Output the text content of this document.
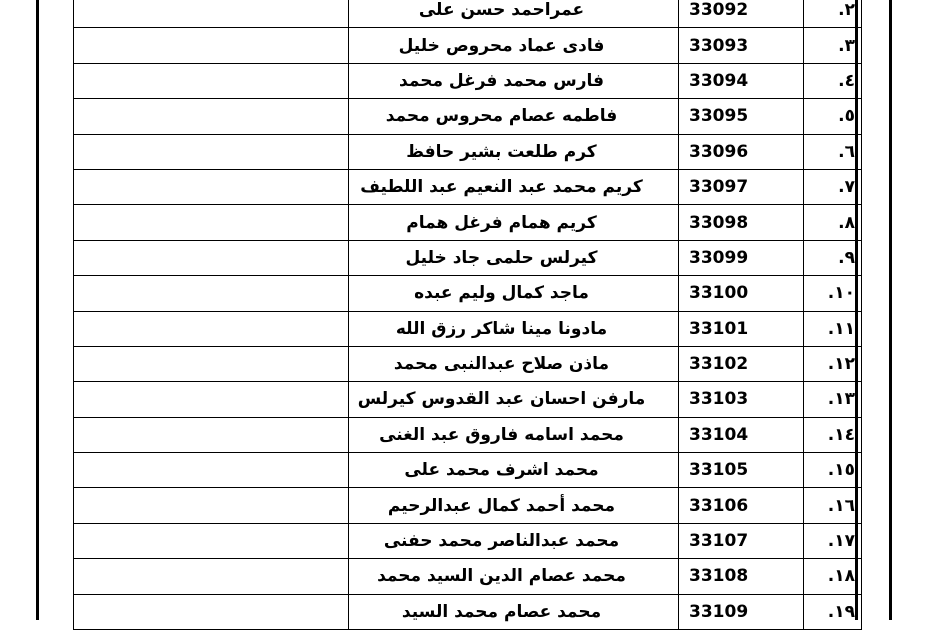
	عمراحمد حسن على	33092	.٢
	فادى عماد محروص خليل	33093	.٣
	فارس محمد فرغل محمد	33094	.٤
	فاطمه عصام محروس محمد	33095	.٥
	كرم طلعت بشير حافظ	33096	.٦
	كريم محمد عبد النعيم عبد اللطيف	33097	.٧
	كريم همام فرغل همام	33098	.٨
	كيرلس حلمى جاد خليل	33099	.٩
	ماجد كمال وليم عبده	33100	.١٠
	مادونا مينا شاكر رزق الله	33101	.١١
	ماذن صلاح عبدالنبى محمد	33102	.١٢
	مارفن احسان عبد القدوس كيرلس	33103	.١٣
	محمد اسامه فاروق عبد الغنى	33104	.١٤
	محمد اشرف محمد على	33105	.١٥
	محمد أحمد كمال عبدالرحيم	33106	.١٦
	محمد عبدالناصر محمد حفنى	33107	.١٧
	محمد عصام الدين السيد محمد	33108	.١٨
	محمد عصام محمد السيد	33109	.١٩
